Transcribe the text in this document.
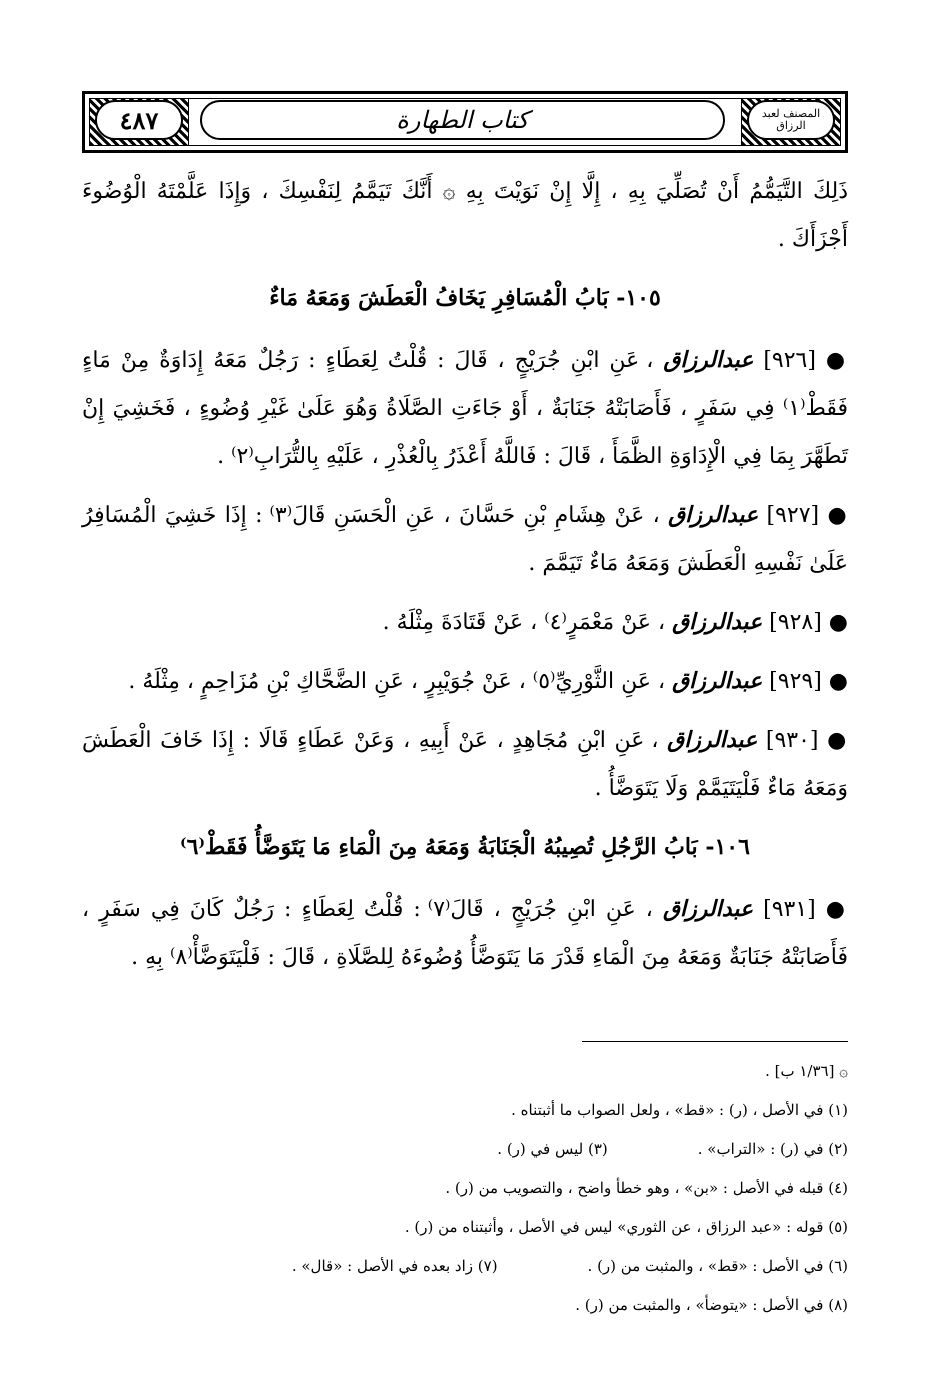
٤٨٧	كتاب الطهارة	المصنف لعبد الرزاق

ذَلِكَ التَّيَمُّمُ أَنْ تُصَلِّيَ بِهِ ، إِلَّا إِنْ نَوَيْتَ بِهِ ۞ أَنَّكَ تَيَمَّمُ لِنَفْسِكَ ، وَإِذَا عَلَّمْتَهُ الْوُضُوءَ أَجْزَأَكَ .

١٠٥- بَابُ الْمُسَافِرِ يَخَافُ الْعَطَشَ وَمَعَهُ مَاءٌ

● [٩٢٦] عبدالرزاق ، عَنِ ابْنِ جُرَيْجٍ ، قَالَ : قُلْتُ لِعَطَاءٍ : رَجُلٌ مَعَهُ إِدَاوَةٌ مِنْ مَاءٍ فَقَطْ⁽١⁾ فِي سَفَرٍ ، فَأَصَابَتْهُ جَنَابَةٌ ، أَوْ جَاءَتِ الصَّلَاةُ وَهُوَ عَلَىٰ غَيْرِ وُضُوءٍ ، فَخَشِيَ إِنْ تَطَهَّرَ بِمَا فِي الْإِدَاوَةِ الظَّمَأَ ، قَالَ : فَاللَّهُ أَعْذَرُ بِالْعُذْرِ ، عَلَيْهِ بِالتُّرَابِ⁽٢⁾ .

● [٩٢٧] عبدالرزاق ، عَنْ هِشَامِ بْنِ حَسَّانَ ، عَنِ الْحَسَنِ قَالَ⁽٣⁾ : إِذَا خَشِيَ الْمُسَافِرُ عَلَىٰ نَفْسِهِ الْعَطَشَ وَمَعَهُ مَاءٌ تَيَمَّمَ .

● [٩٢٨] عبدالرزاق ، عَنْ مَعْمَرٍ⁽٤⁾ ، عَنْ قَتَادَةَ مِثْلَهُ .

● [٩٢٩] عبدالرزاق ، عَنِ الثَّوْرِيِّ⁽٥⁾ ، عَنْ جُوَيْبِرٍ ، عَنِ الضَّحَّاكِ بْنِ مُزَاحِمٍ ، مِثْلَهُ .

● [٩٣٠] عبدالرزاق ، عَنِ ابْنِ مُجَاهِدٍ ، عَنْ أَبِيهِ ، وَعَنْ عَطَاءٍ قَالَا : إِذَا خَافَ الْعَطَشَ وَمَعَهُ مَاءٌ فَلْيَتَيَمَّمْ وَلَا يَتَوَضَّأُ .

١٠٦- بَابُ الرَّجُلِ تُصِيبُهُ الْجَنَابَةُ وَمَعَهُ مِنَ الْمَاءِ مَا يَتَوَضَّأُ فَقَطْ⁽٦⁾

● [٩٣١] عبدالرزاق ، عَنِ ابْنِ جُرَيْجٍ ، قَالَ⁽٧⁾ : قُلْتُ لِعَطَاءٍ : رَجُلٌ كَانَ فِي سَفَرٍ ، فَأَصَابَتْهُ جَنَابَةٌ وَمَعَهُ مِنَ الْمَاءِ قَدْرَ مَا يَتَوَضَّأُ وُضُوءَهُ لِلصَّلَاةِ ، قَالَ : فَلْيَتَوَضَّأْ⁽٨⁾ بِهِ .

۞ [١/٣٦ ب] .
(١) في الأصل ، (ر) : «قط» ، ولعل الصواب ما أثبتناه .
(٢) في (ر) : «التراب» .
(٣) ليس في (ر) .
(٤) قبله في الأصل : «بن» ، وهو خطأ واضح ، والتصويب من (ر) .
(٥) قوله : «عبد الرزاق ، عن الثوري» ليس في الأصل ، وأثبتناه من (ر) .
(٦) في الأصل : «قط» ، والمثبت من (ر) .
(٧) زاد بعده في الأصل : «قال» .
(٨) في الأصل : «يتوضأ» ، والمثبت من (ر) .
